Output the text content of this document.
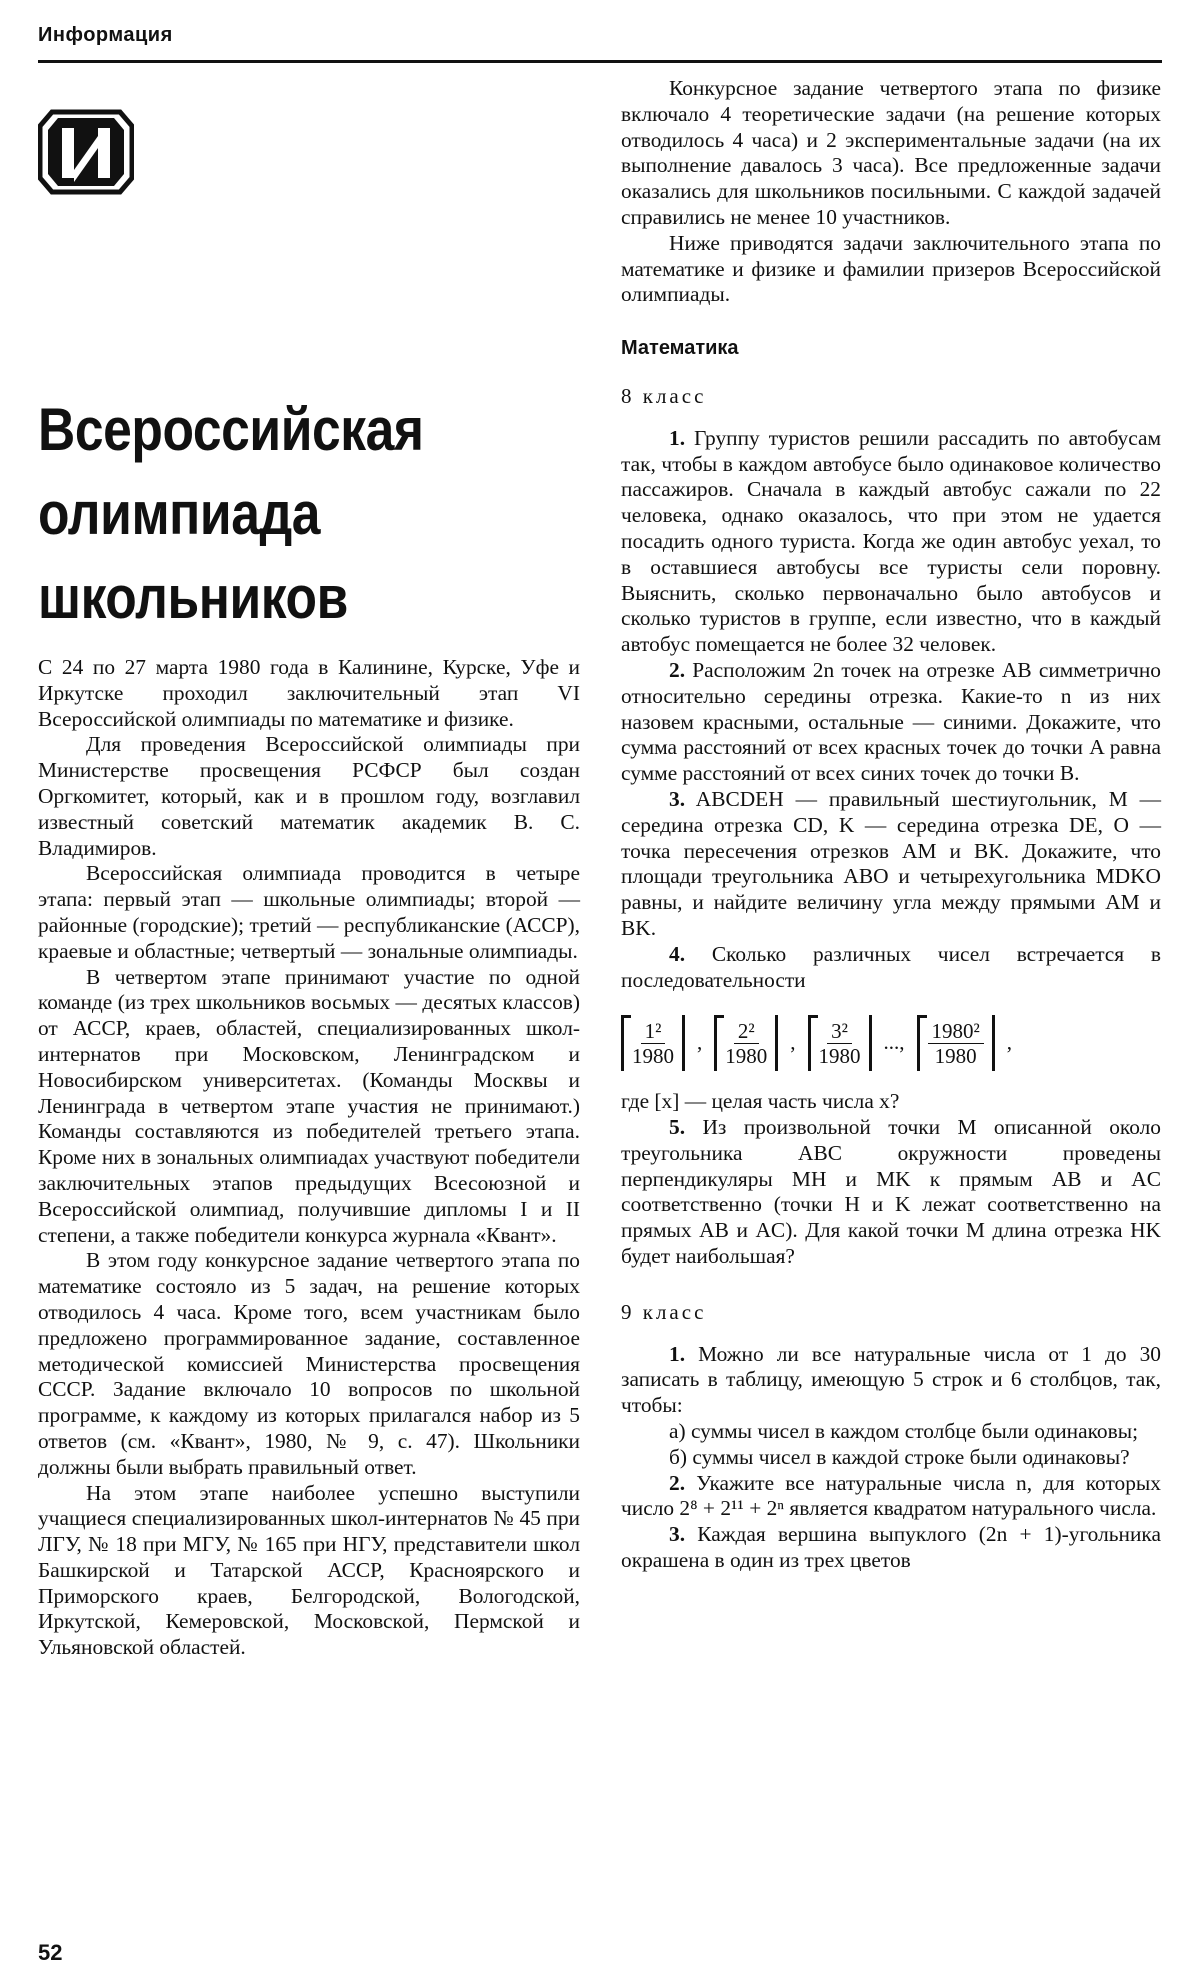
Информация
Всероссийская
олимпиада
школьников

С 24 по 27 марта 1980 года в Калинине, Курске, Уфе и Иркутске проходил заключительный этап VI Всероссийской олимпиады по математике и физике.

Для проведения Всероссийской олимпиады при Министерстве просвещения РСФСР был создан Оргкомитет, который, как и в прошлом году, возглавил известный советский математик академик В. С. Владимиров.

Всероссийская олимпиада проводится в четыре этапа: первый этап — школьные олимпиады; второй — районные (городские); третий — республиканские (АССР), краевые и областные; четвертый — зональные олимпиады.

В четвертом этапе принимают участие по одной команде (из трех школьников восьмых — десятых классов) от АССР, краев, областей, специализированных школ-интернатов при Московском, Ленинградском и Новосибирском университетах. (Команды Москвы и Ленинграда в четвертом этапе участия не принимают.) Команды составляются из победителей третьего этапа. Кроме них в зональных олимпиадах участвуют победители заключительных этапов предыдущих Всесоюзной и Всероссийской олимпиад, получившие дипломы I и II степени, а также победители конкурса журнала «Квант».

В этом году конкурсное задание четвертого этапа по математике состояло из 5 задач, на решение которых отводилось 4 часа. Кроме того, всем участникам было предложено программированное задание, составленное методической комиссией Министерства просвещения СССР. Задание включало 10 вопросов по школьной программе, к каждому из которых прилагался набор из 5 ответов (см. «Квант», 1980, № 9, с. 47). Школьники должны были выбрать правильный ответ.

На этом этапе наиболее успешно выступили учащиеся специализированных школ-интернатов № 45 при ЛГУ, № 18 при МГУ, № 165 при НГУ, представители школ Башкирской и Татарской АССР, Красноярского и Приморского краев, Белгородской, Вологодской, Иркутской, Кемеровской, Московской, Пермской и Ульяновской областей.

Конкурсное задание четвертого этапа по физике включало 4 теоретические задачи (на решение которых отводилось 4 часа) и 2 экспериментальные задачи (на их выполнение давалось 3 часа). Все предложенные задачи оказались для школьников посильными. С каждой задачей справились не менее 10 участников.

Ниже приводятся задачи заключительного этапа по математике и физике и фамилии призеров Всероссийской олимпиады.

Математика
8 класс

1. Группу туристов решили рассадить по автобусам так, чтобы в каждом автобусе было одинаковое количество пассажиров. Сначала в каждый автобус сажали по 22 человека, однако оказалось, что при этом не удается посадить одного туриста. Когда же один автобус уехал, то в оставшиеся автобусы все туристы сели поровну. Выяснить, сколько первоначально было автобусов и сколько туристов в группе, если известно, что в каждый автобус помещается не более 32 человек.

2. Расположим 2n точек на отрезке AB симметрично относительно середины отрезка. Какие-то n из них назовем красными, остальные — синими. Докажите, что сумма расстояний от всех красных точек до точки A равна сумме расстояний от всех синих точек до точки B.

3. ABCDEH — правильный шестиугольник, M — середина отрезка CD, K — середина отрезка DE, O — точка пересечения отрезков AM и BK. Докажите, что площади треугольника ABO и четырехугольника MDKO равны, и найдите величину угла между прямыми AM и BK.

4. Сколько различных чисел встречается в последовательности

$\frac{\text{1²}}{1980}$ , $\frac{\text{2²}}{1980}$ , $\frac{\text{3²}}{1980}$ ..., $\frac{\text{1980²}}{1980}$ ,

где [x] — целая часть числа x?

5. Из произвольной точки M описанной около треугольника ABC окружности проведены перпендикуляры MH и MK к прямым AB и AC соответственно (точки H и K лежат соответственно на прямых AB и AC). Для какой точки M длина отрезка HK будет наибольшая?

9 класс

1. Можно ли все натуральные числа от 1 до 30 записать в таблицу, имеющую 5 строк и 6 столбцов, так, чтобы:

а) суммы чисел в каждом столбце были одинаковы;

б) суммы чисел в каждой строке были одинаковы?

2. Укажите все натуральные числа n, для которых число 2⁸ + 2¹¹ + 2ⁿ является квадратом натурального числа.

3. Каждая вершина выпуклого (2n + 1)-угольника окрашена в один из трех цветов

52
